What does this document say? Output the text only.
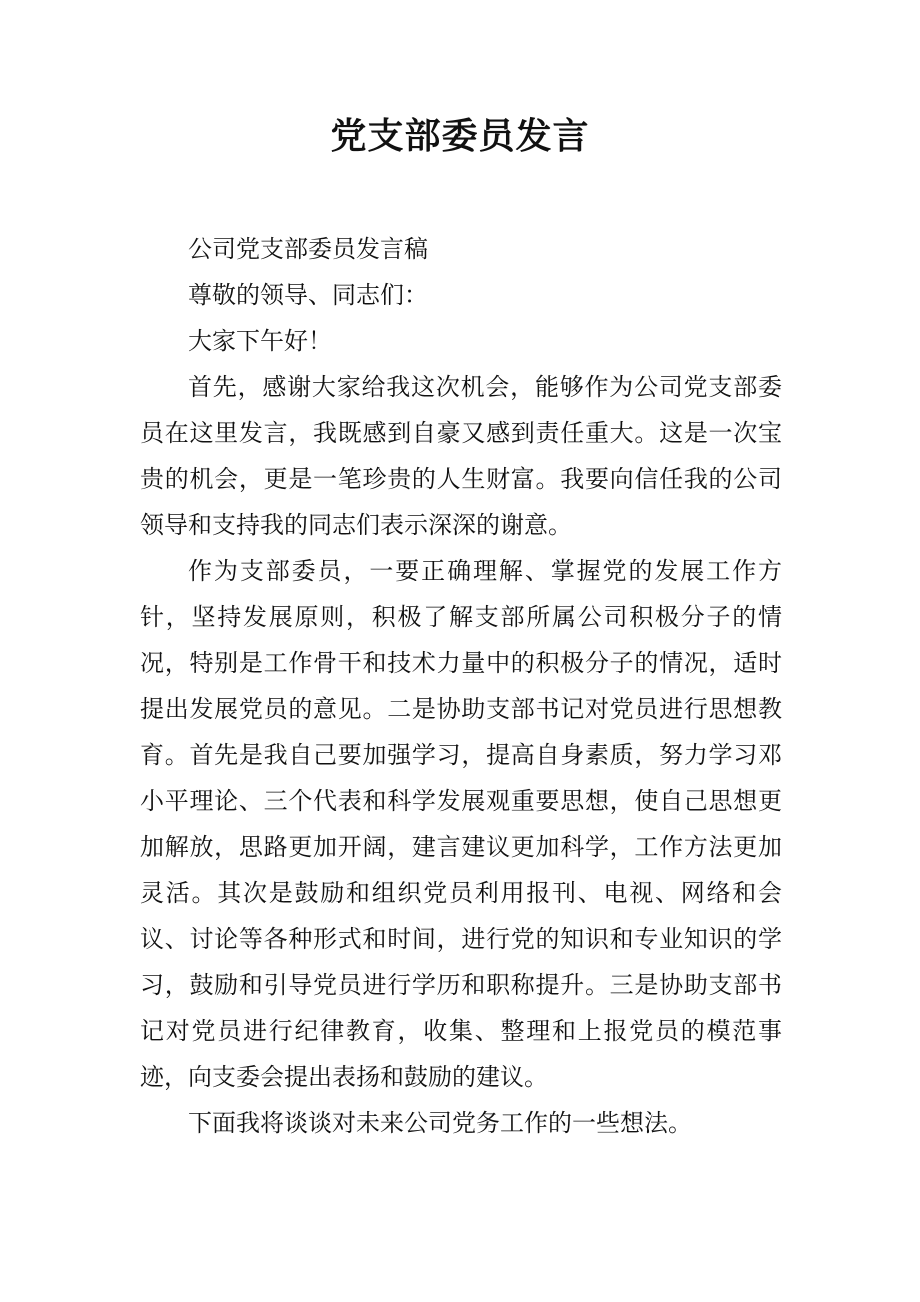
党支部委员发言

公司党支部委员发言稿

尊敬的领导、同志们：

大家下午好！

首先，感谢大家给我这次机会，能够作为公司党支部委员在这里发言，我既感到自豪又感到责任重大。这是一次宝贵的机会，更是一笔珍贵的人生财富。我要向信任我的公司领导和支持我的同志们表示深深的谢意。

作为支部委员，一要正确理解、掌握党的发展工作方针，坚持发展原则，积极了解支部所属公司积极分子的情况，特别是工作骨干和技术力量中的积极分子的情况，适时提出发展党员的意见。二是协助支部书记对党员进行思想教育。首先是我自己要加强学习，提高自身素质，努力学习邓小平理论、三个代表和科学发展观重要思想，使自己思想更加解放，思路更加开阔，建言建议更加科学，工作方法更加灵活。其次是鼓励和组织党员利用报刊、电视、网络和会议、讨论等各种形式和时间，进行党的知识和专业知识的学习，鼓励和引导党员进行学历和职称提升。三是协助支部书记对党员进行纪律教育，收集、整理和上报党员的模范事迹，向支委会提出表扬和鼓励的建议。

下面我将谈谈对未来公司党务工作的一些想法。
